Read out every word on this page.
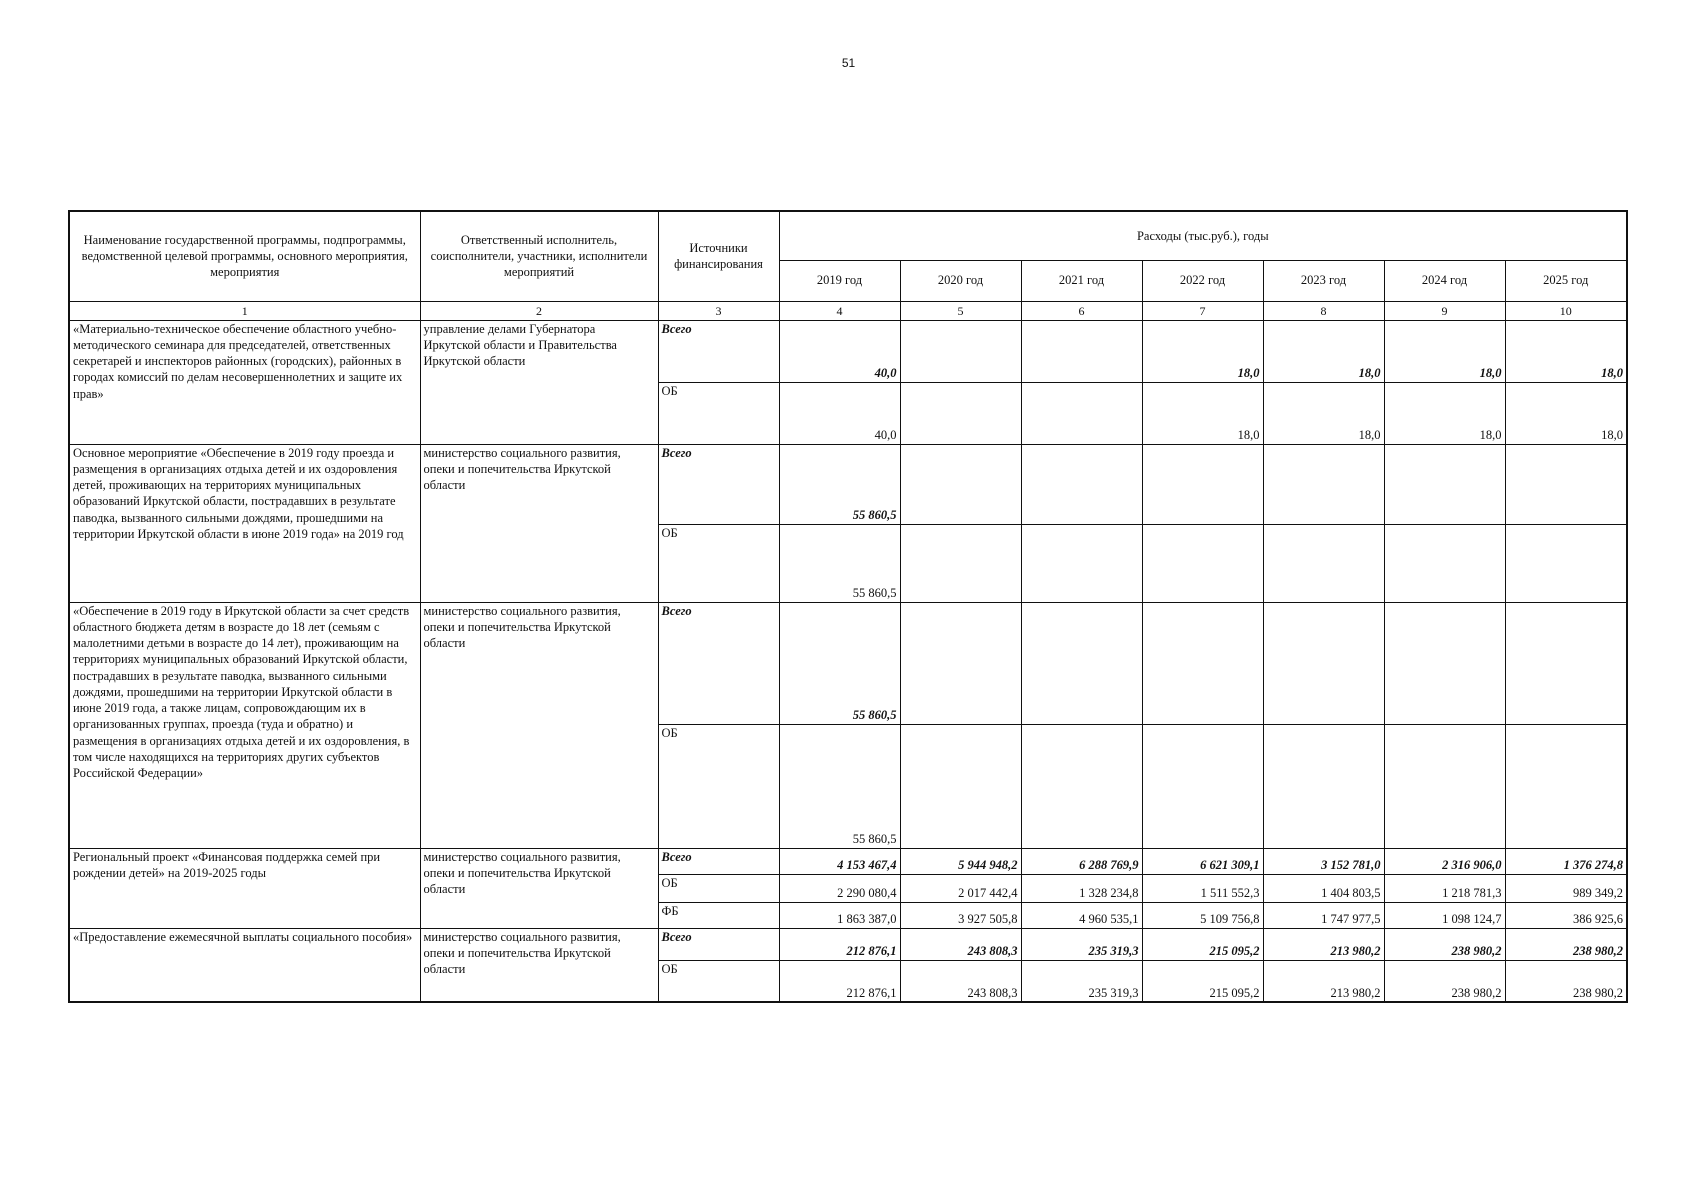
51
Наименование государственной программы, подпрограммы, ведомственной целевой программы, основного мероприятия, мероприятия	Ответственный исполнитель, соисполнители, участники, исполнители мероприятий	Источники финансирования	Расходы (тыс.руб.), годы						
			2019 год	2020 год	2021 год	2022 год	2023 год	2024 год	2025 год
1	2	3	4	5	6	7	8	9	10
«Материально-техническое обеспечение областного учебно-методического семинара для председателей, ответственных секретарей и инспекторов районных (городских), районных в городах комиссий по делам несовершеннолетних и защите их прав»	управление делами Губернатора Иркутской области и Правительства Иркутской области	Всего	40,0			18,0	18,0	18,0	18,0
		ОБ	40,0			18,0	18,0	18,0	18,0
Основное мероприятие «Обеспечение в 2019 году проезда и размещения в организациях отдыха детей и их оздоровления детей, проживающих на территориях муниципальных образований Иркутской области, пострадавших в результате паводка, вызванного сильными дождями, прошедшими на территории Иркутской области в июне 2019 года» на 2019 год	министерство социального развития, опеки и попечительства Иркутской области	Всего	55 860,5						
		ОБ	55 860,5						
«Обеспечение в 2019 году в Иркутской области за счет средств областного бюджета детям в возрасте до 18 лет (семьям с малолетними детьми в возрасте до 14 лет), проживающим на территориях муниципальных образований Иркутской области, пострадавших в результате паводка, вызванного сильными дождями, прошедшими на территории Иркутской области в июне 2019 года, а также лицам, сопровождающим их в организованных группах, проезда (туда и обратно) и размещения в организациях отдыха детей и их оздоровления, в том числе находящихся на территориях других субъектов Российской Федерации»	министерство социального развития, опеки и попечительства Иркутской области	Всего	55 860,5						
		ОБ	55 860,5						
Региональный проект «Финансовая поддержка семей при рождении детей» на 2019-2025 годы	министерство социального развития, опеки и попечительства Иркутской области	Всего	4 153 467,4	5 944 948,2	6 288 769,9	6 621 309,1	3 152 781,0	2 316 906,0	1 376 274,8
		ОБ	2 290 080,4	2 017 442,4	1 328 234,8	1 511 552,3	1 404 803,5	1 218 781,3	989 349,2
		ФБ	1 863 387,0	3 927 505,8	4 960 535,1	5 109 756,8	1 747 977,5	1 098 124,7	386 925,6
«Предоставление ежемесячной выплаты социального пособия»	министерство социального развития, опеки и попечительства Иркутской области	Всего	212 876,1	243 808,3	235 319,3	215 095,2	213 980,2	238 980,2	238 980,2
		ОБ	212 876,1	243 808,3	235 319,3	215 095,2	213 980,2	238 980,2	238 980,2
